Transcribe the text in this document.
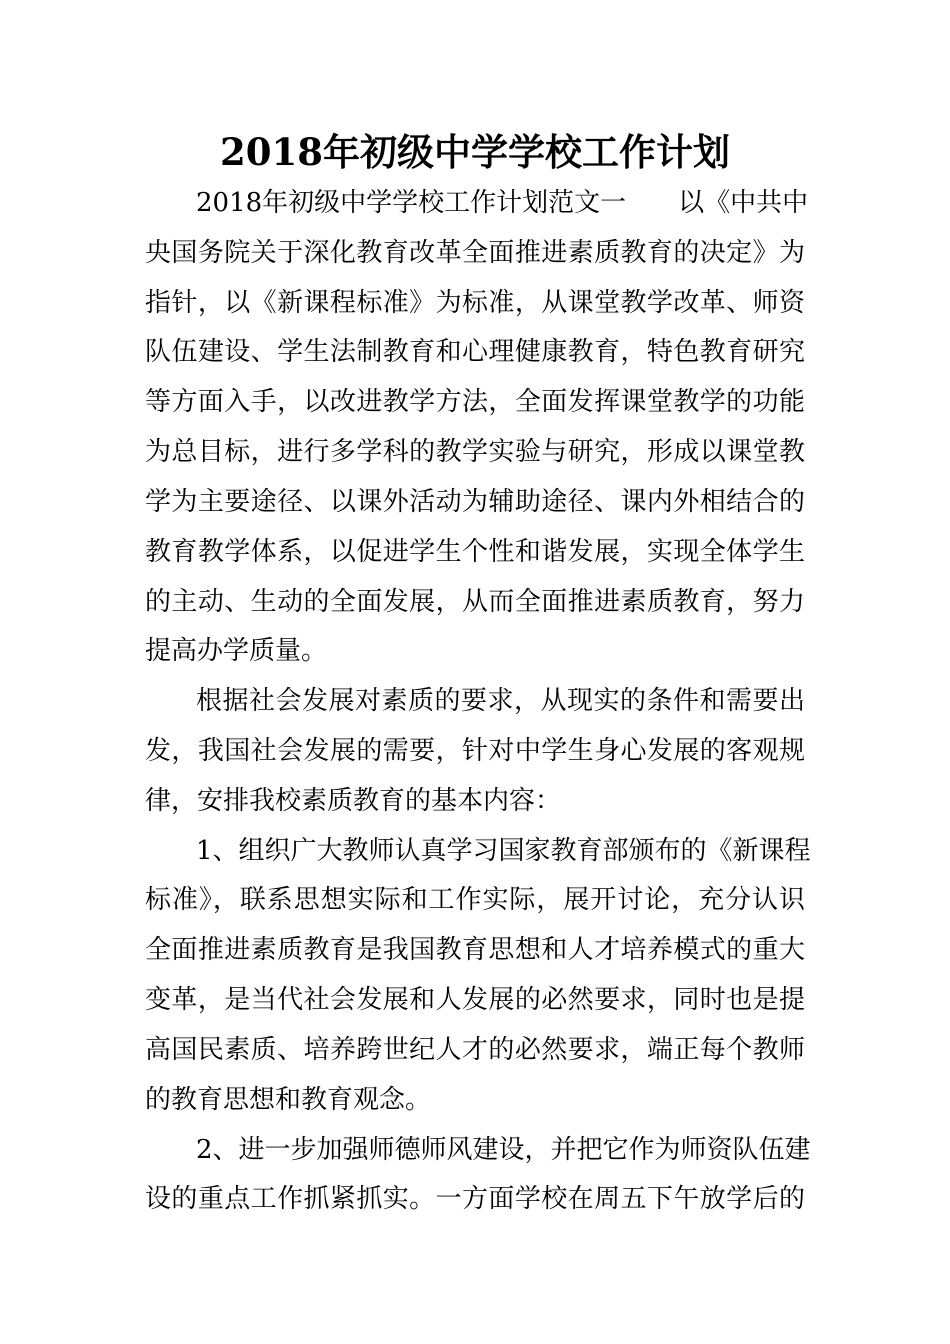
2018年初级中学学校工作计划
2018年初级中学学校工作计划范文一　　以《中共中
央国务院关于深化教育改革全面推进素质教育的决定》为
指针，以《新课程标准》为标准，从课堂教学改革、师资
队伍建设、学生法制教育和心理健康教育，特色教育研究
等方面入手，以改进教学方法，全面发挥课堂教学的功能
为总目标，进行多学科的教学实验与研究，形成以课堂教
学为主要途径、以课外活动为辅助途径、课内外相结合的
教育教学体系，以促进学生个性和谐发展，实现全体学生
的主动、生动的全面发展，从而全面推进素质教育，努力
提高办学质量。
根据社会发展对素质的要求，从现实的条件和需要出
发，我国社会发展的需要，针对中学生身心发展的客观规
律，安排我校素质教育的基本内容：
1、组织广大教师认真学习国家教育部颁布的《新课程
标准》，联系思想实际和工作实际，展开讨论，充分认识
全面推进素质教育是我国教育思想和人才培养模式的重大
变革，是当代社会发展和人发展的必然要求，同时也是提
高国民素质、培养跨世纪人才的必然要求，端正每个教师
的教育思想和教育观念。
2、进一步加强师德师风建设，并把它作为师资队伍建
设的重点工作抓紧抓实。一方面学校在周五下午放学后的
